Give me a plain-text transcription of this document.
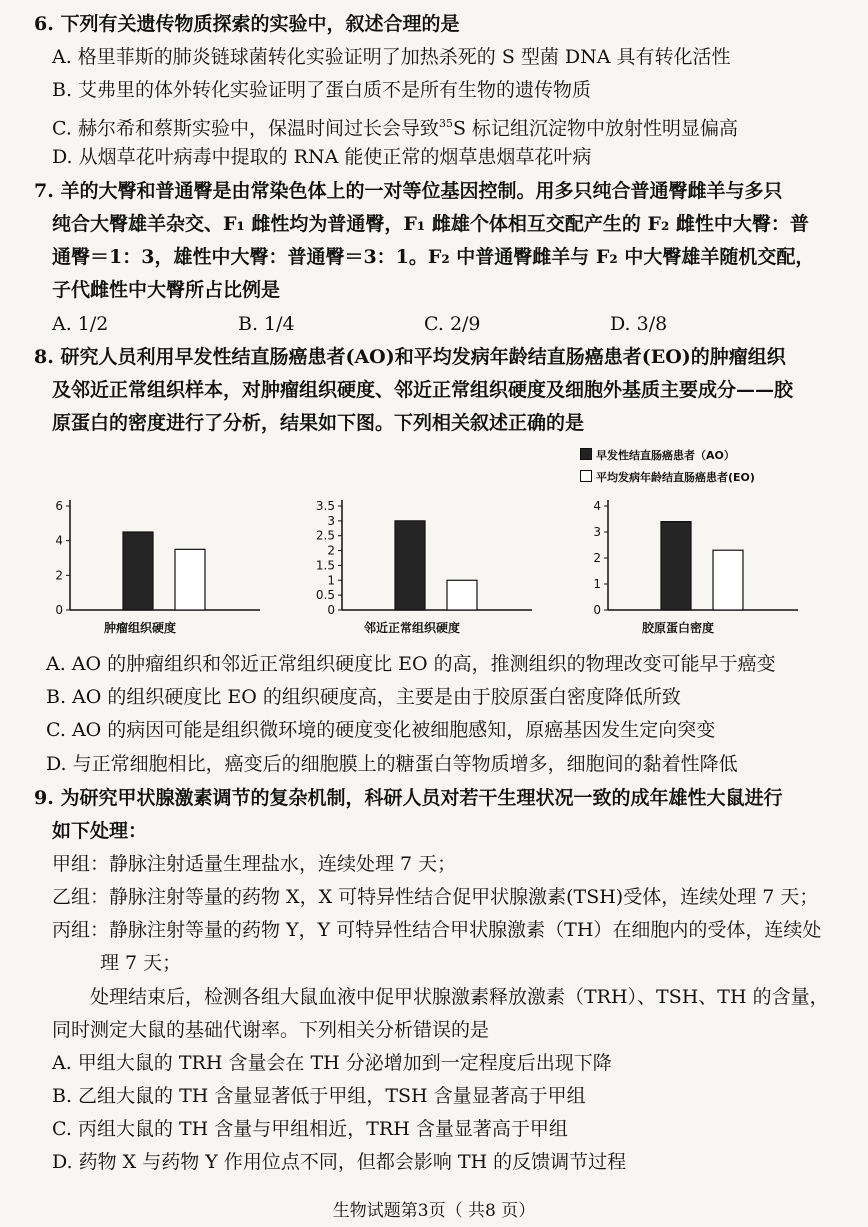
6. 下列有关遗传物质探索的实验中，叙述合理的是
A. 格里菲斯的肺炎链球菌转化实验证明了加热杀死的 S 型菌 DNA 具有转化活性
B. 艾弗里的体外转化实验证明了蛋白质不是所有生物的遗传物质
C. 赫尔希和蔡斯实验中，保温时间过长会导致$^{35}$S 标记组沉淀物中放射性明显偏高
D. 从烟草花叶病毒中提取的 RNA 能使正常的烟草患烟草花叶病
7. 羊的大臀和普通臀是由常染色体上的一对等位基因控制。用多只纯合普通臀雌羊与多只
纯合大臀雄羊杂交、F₁ 雌性均为普通臀，F₁ 雌雄个体相互交配产生的 F₂ 雌性中大臀：普
通臀＝1：3，雄性中大臀：普通臀＝3：1。F₂ 中普通臀雌羊与 F₂ 中大臀雄羊随机交配，
子代雌性中大臀所占比例是
A. 1/2	B. 1/4	C. 2/9	D. 3/8
8. 研究人员利用早发性结直肠癌患者(AO)和平均发病年龄结直肠癌患者(EO)的肿瘤组织
及邻近正常组织样本，对肿瘤组织硬度、邻近正常组织硬度及细胞外基质主要成分——胶
原蛋白的密度进行了分析，结果如下图。下列相关叙述正确的是
早发性结直肠癌患者（AO）
平均发病年龄结直肠癌患者(EO)
0
2
4
6
肿瘤组织硬度
0
0.5
1
1.5
2
2.5
3
3.5
邻近正常组织硬度
0
1
2
3
4
胶原蛋白密度
A. AO 的肿瘤组织和邻近正常组织硬度比 EO 的高，推测组织的物理改变可能早于癌变
B. AO 的组织硬度比 EO 的组织硬度高，主要是由于胶原蛋白密度降低所致
C. AO 的病因可能是组织微环境的硬度变化被细胞感知，原癌基因发生定向突变
D. 与正常细胞相比，癌变后的细胞膜上的糖蛋白等物质增多，细胞间的黏着性降低
9. 为研究甲状腺激素调节的复杂机制，科研人员对若干生理状况一致的成年雄性大鼠进行
如下处理：
甲组：静脉注射适量生理盐水，连续处理 7 天；
乙组：静脉注射等量的药物 X，X 可特异性结合促甲状腺激素(TSH)受体，连续处理 7 天；
丙组：静脉注射等量的药物 Y，Y 可特异性结合甲状腺激素（TH）在细胞内的受体，连续处
理 7 天；
处理结束后，检测各组大鼠血液中促甲状腺激素释放激素（TRH）、TSH、TH 的含量，
同时测定大鼠的基础代谢率。下列相关分析错误的是
A. 甲组大鼠的 TRH 含量会在 TH 分泌增加到一定程度后出现下降
B. 乙组大鼠的 TH 含量显著低于甲组，TSH 含量显著高于甲组
C. 丙组大鼠的 TH 含量与甲组相近，TRH 含量显著高于甲组
D. 药物 X 与药物 Y 作用位点不同，但都会影响 TH 的反馈调节过程
生物试题第3页（ 共8 页）
